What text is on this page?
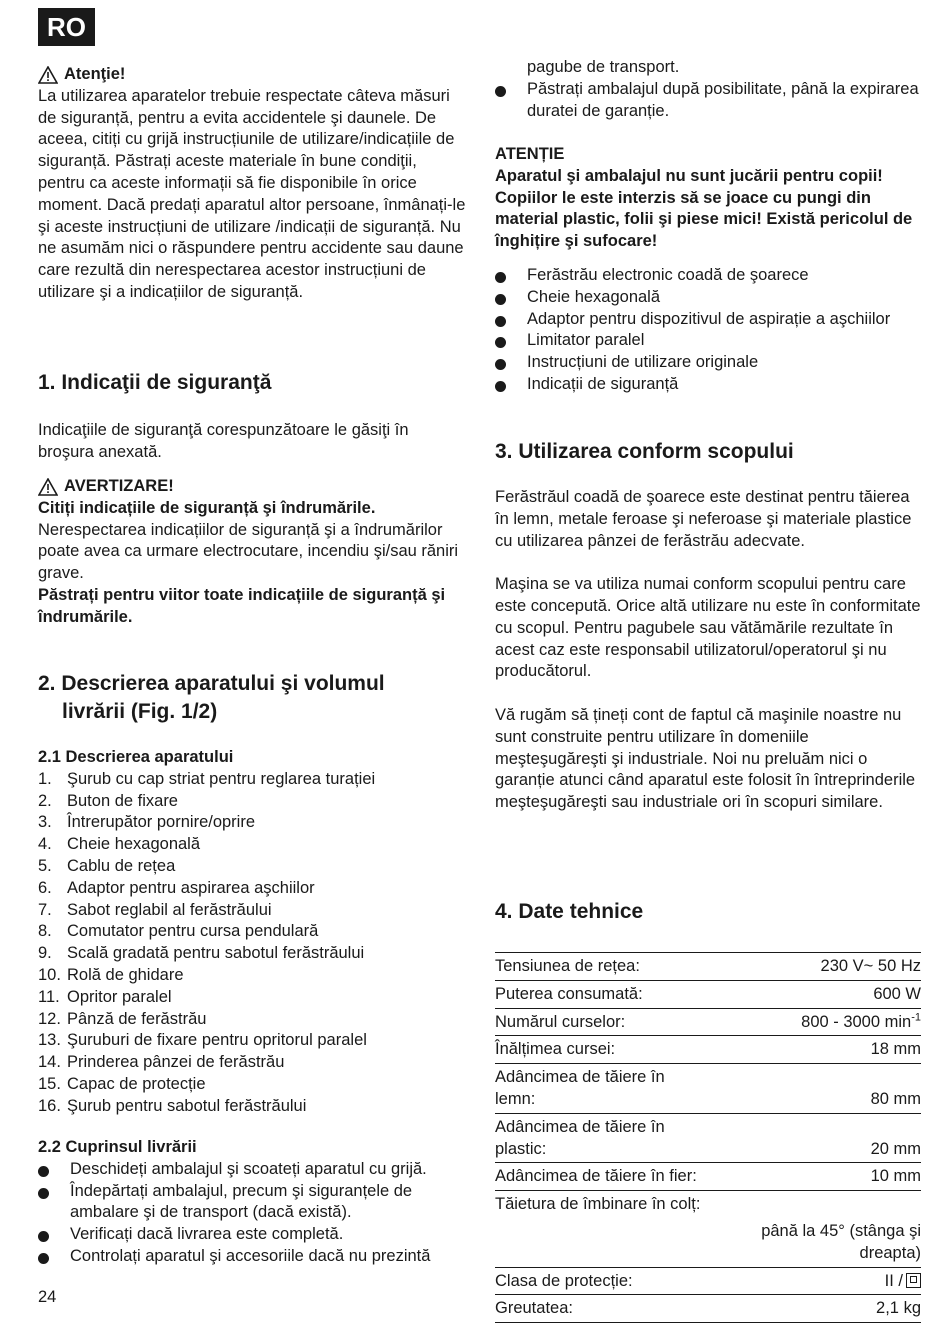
RO
Atenţie!

La utilizarea aparatelor trebuie respectate câteva măsuri de siguranță, pentru a evita accidentele şi daunele. De aceea, citiți cu grijă instrucțiunile de utilizare/indicațiile de siguranță. Păstrați aceste materiale în bune condiţii, pentru ca aceste informații să fie disponibile în orice moment. Dacă predați aparatul altor persoane, înmânați-le şi aceste instrucțiuni de utilizare /indicații de siguranță. Nu ne asumăm nici o răspundere pentru accidente sau daune care rezultă din nerespectarea acestor instrucțiuni de utilizare şi a indicațiilor de siguranță.

1. Indicaţii de siguranţă

Indicaţiile de siguranţă corespunzătoare le găsiţi în broşura anexată.

AVERTIZARE!

Citiți indicațiile de siguranță şi îndrumările.

Nerespectarea indicațiilor de siguranță şi a îndrumărilor poate avea ca urmare electrocutare, incendiu şi/sau răniri grave.

Păstrați pentru viitor toate indicațiile de siguranță şi îndrumările.

2. Descrierea aparatului şi volumul
livrării (Fig. 1/2)
2.1 Descrierea aparatului
1. Şurub cu cap striat pentru reglarea turației
2. Buton de fixare
3. Întrerupător pornire/oprire
4. Cheie hexagonală
5. Cablu de rețea
6. Adaptor pentru aspirarea aşchiilor
7. Sabot reglabil al ferăstrăului
8. Comutator pentru cursa pendulară
9. Scală gradată pentru sabotul ferăstrăului
10. Rolă de ghidare
11. Opritor paralel
12. Pânză de ferăstrău
13. Şuruburi de fixare pentru opritorul paralel
14. Prinderea pânzei de ferăstrău
15. Capac de protecție
16. Şurub pentru sabotul ferăstrăului
2.2 Cuprinsul livrării
Deschideți ambalajul şi scoateți aparatul cu grijă.
Îndepărtați ambalajul, precum şi siguranțele de ambalare şi de transport (dacă există).
Verificați dacă livrarea este completă.
Controlați aparatul şi accesoriile dacă nu prezintă

pagube de transport.

Păstrați ambalajul după posibilitate, până la expirarea duratei de garanție.

ATENȚIE

Aparatul şi ambalajul nu sunt jucării pentru copii! Copiilor le este interzis să se joace cu pungi din material plastic, folii şi piese mici! Există pericolul de înghițire şi sufocare!

Ferăstrău electronic coadă de şoarece
Cheie hexagonală
Adaptor pentru dispozitivul de aspirație a aşchiilor
Limitator paralel
Instrucțiuni de utilizare originale
Indicații de siguranță
3. Utilizarea conform scopului

Ferăstrăul coadă de şoarece este destinat pentru tăierea în lemn, metale feroase şi neferoase şi materiale plastice cu utilizarea pânzei de ferăstrău adecvate.

Maşina se va utiliza numai conform scopului pentru care este concepută. Orice altă utilizare nu este în conformitate cu scopul. Pentru pagubele sau vătămările rezultate în acest caz este responsabil utilizatorul/operatorul şi nu producătorul.

Vă rugăm să țineți cont de faptul că maşinile noastre nu sunt construite pentru utilizare în domeniile meşteşugăreşti şi industriale. Noi nu preluăm nici o garanție atunci când aparatul este folosit în întreprinderile meşteşugăreşti sau industriale ori în scopuri similare.

4. Date tehnice
Tensiunea de rețea:	230 V~ 50 Hz
Puterea consumată:	600 W
Numărul curselor:	800 - 3000 $\min^{-1}$
Înălțimea cursei:	18 mm
Adâncimea de tăiere în lemn:	80 mm
Adâncimea de tăiere în plastic:	20 mm
Adâncimea de tăiere în fier:	10 mm
Tăietura de îmbinare în colț:	
	până la 45° (stânga şi dreapta)
Clasa de protecție:	II /
Greutatea:	2,1 kg
24
